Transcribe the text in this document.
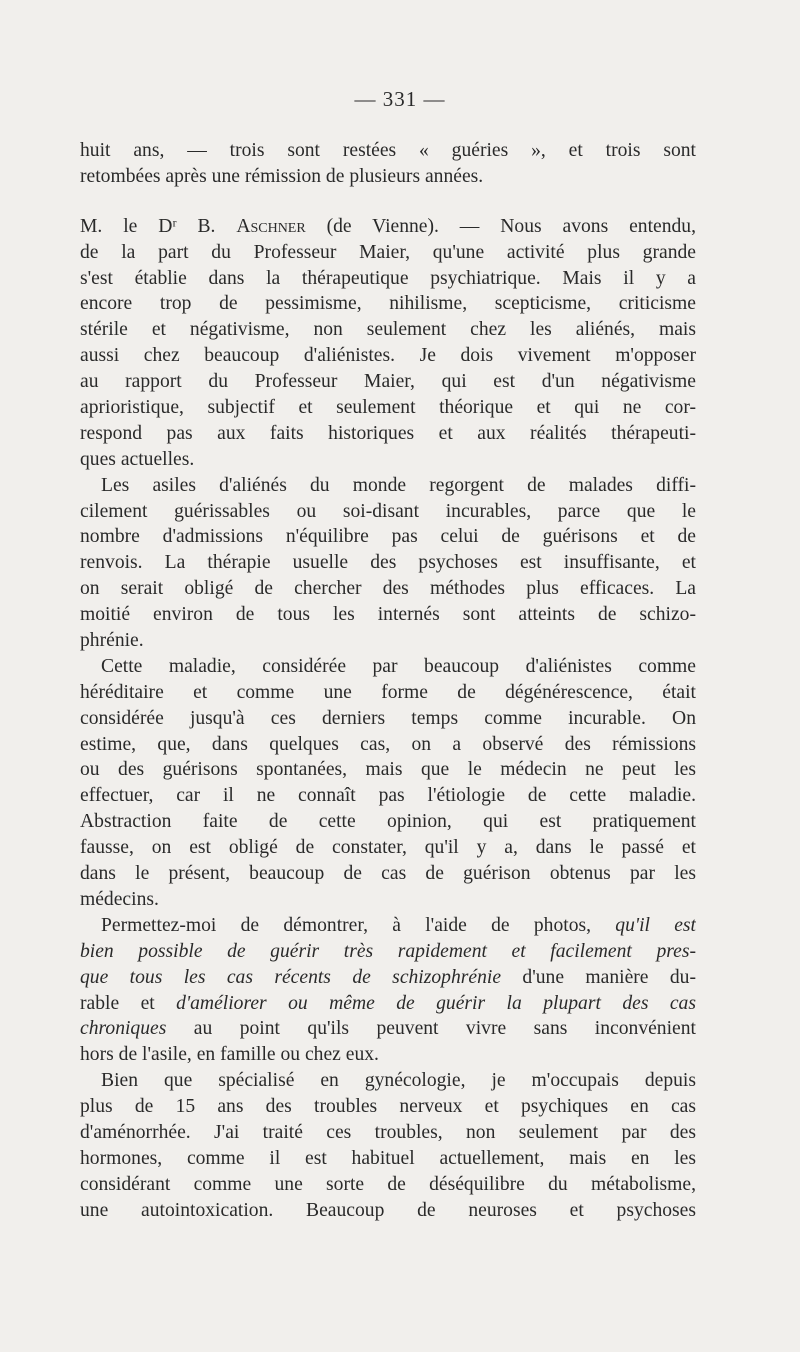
— 331 —
huit ans, — trois sont restées « guéries », et trois sont
retombées après une rémission de plusieurs années.
M. le Dʳ B. Aschner (de Vienne). — Nous avons entendu,
de la part du Professeur Maier, qu'une activité plus grande
s'est établie dans la thérapeutique psychiatrique. Mais il y a
encore trop de pessimisme, nihilisme, scepticisme, criticisme
stérile et négativisme, non seulement chez les aliénés, mais
aussi chez beaucoup d'aliénistes. Je dois vivement m'opposer
au rapport du Professeur Maier, qui est d'un négativisme
aprioristique, subjectif et seulement théorique et qui ne cor-
respond pas aux faits historiques et aux réalités thérapeuti-
ques actuelles.
Les asiles d'aliénés du monde regorgent de malades diffi-
cilement guérissables ou soi-disant incurables, parce que le
nombre d'admissions n'équilibre pas celui de guérisons et de
renvois. La thérapie usuelle des psychoses est insuffisante, et
on serait obligé de chercher des méthodes plus efficaces. La
moitié environ de tous les internés sont atteints de schizo-
phrénie.
Cette maladie, considérée par beaucoup d'aliénistes comme
héréditaire et comme une forme de dégénérescence, était
considérée jusqu'à ces derniers temps comme incurable. On
estime, que, dans quelques cas, on a observé des rémissions
ou des guérisons spontanées, mais que le médecin ne peut les
effectuer, car il ne connaît pas l'étiologie de cette maladie.
Abstraction faite de cette opinion, qui est pratiquement
fausse, on est obligé de constater, qu'il y a, dans le passé et
dans le présent, beaucoup de cas de guérison obtenus par les
médecins.
Permettez-moi de démontrer, à l'aide de photos, qu'il est
bien possible de guérir très rapidement et facilement pres-
que tous les cas récents de schizophrénie d'une manière du-
rable et d'améliorer ou même de guérir la plupart des cas
chroniques au point qu'ils peuvent vivre sans inconvénient
hors de l'asile, en famille ou chez eux.
Bien que spécialisé en gynécologie, je m'occupais depuis
plus de 15 ans des troubles nerveux et psychiques en cas
d'aménorrhée. J'ai traité ces troubles, non seulement par des
hormones, comme il est habituel actuellement, mais en les
considérant comme une sorte de déséquilibre du métabolisme,
une autointoxication. Beaucoup de neuroses et psychoses
